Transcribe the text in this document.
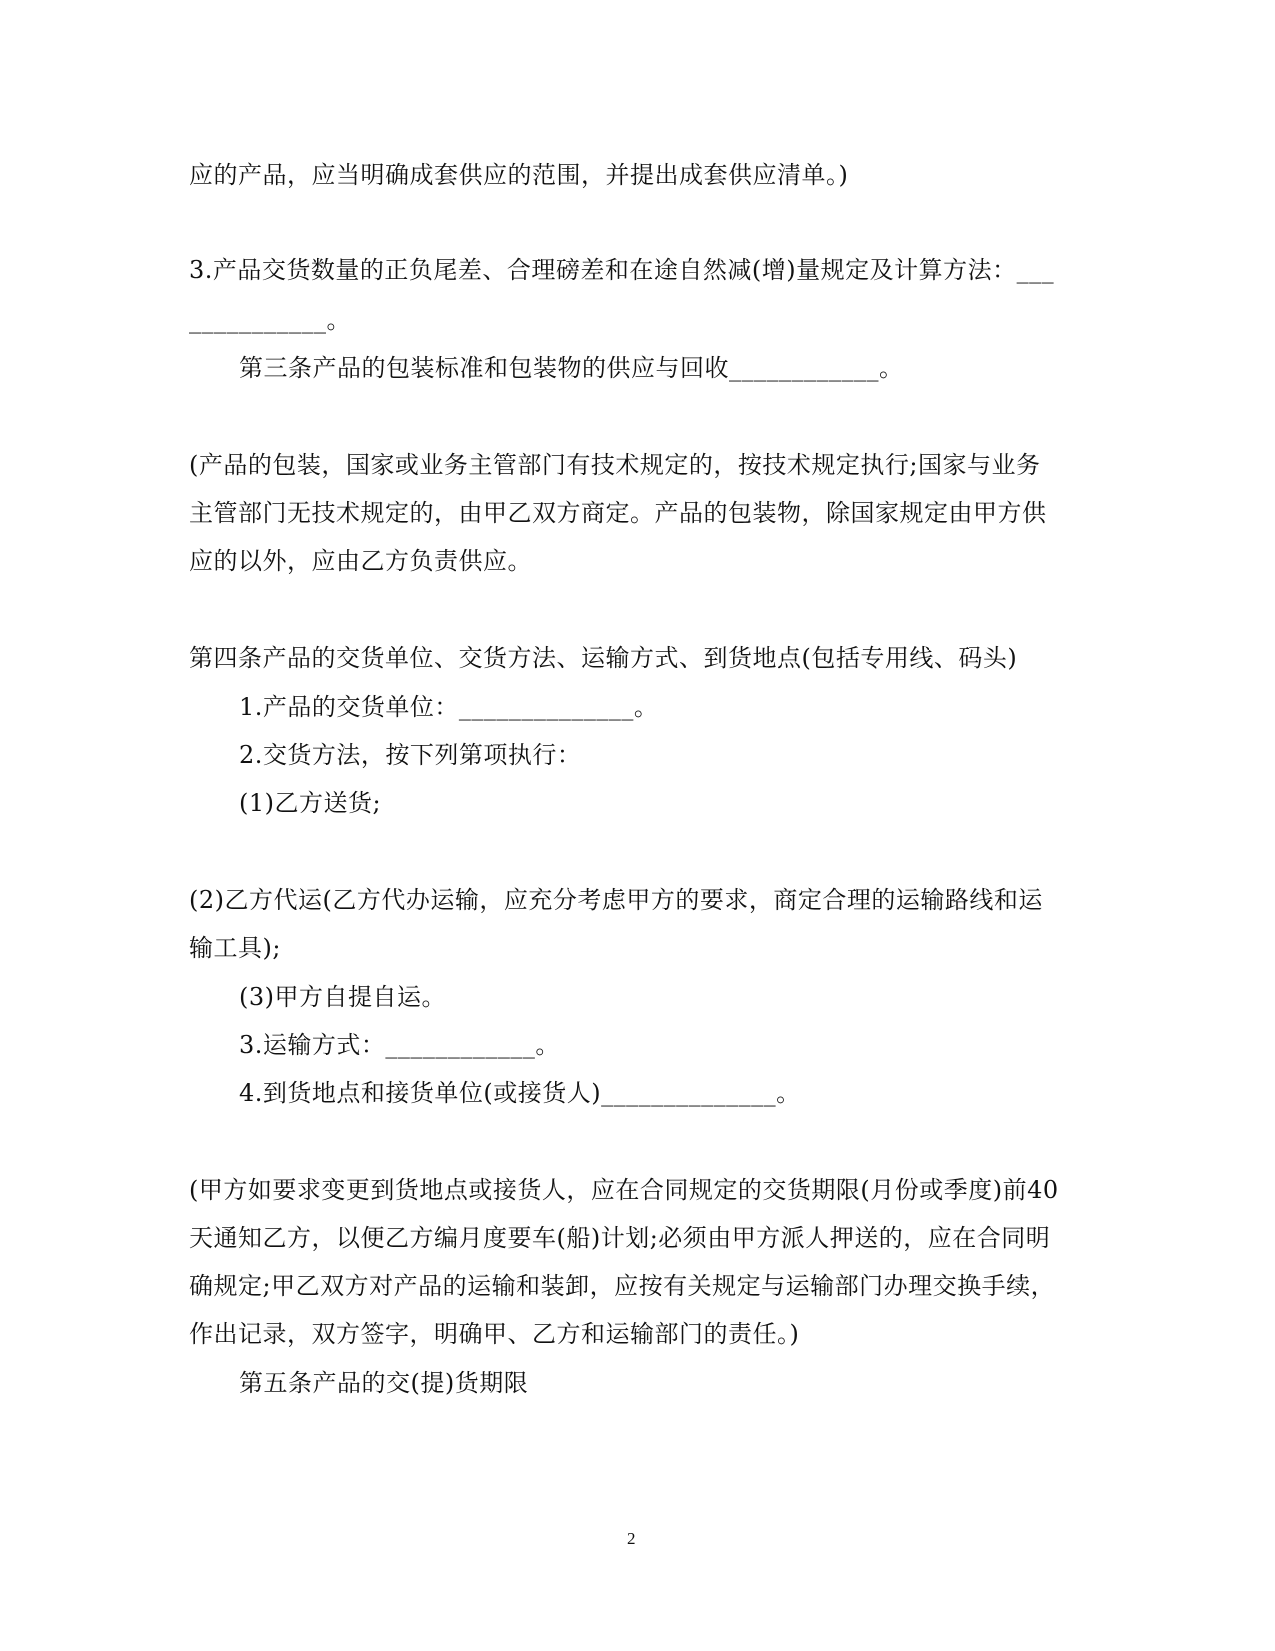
应的产品，应当明确成套供应的范围，并提出成套供应清单。)
3.产品交货数量的正负尾差、合理磅差和在途自然减(增)量规定及计算方法：___
___________。
第三条产品的包装标准和包装物的供应与回收____________。
(产品的包装，国家或业务主管部门有技术规定的，按技术规定执行;国家与业务
主管部门无技术规定的，由甲乙双方商定。产品的包装物，除国家规定由甲方供
应的以外，应由乙方负责供应。
第四条产品的交货单位、交货方法、运输方式、到货地点(包括专用线、码头)
1.产品的交货单位：______________。
2.交货方法，按下列第项执行：
(1)乙方送货;
(2)乙方代运(乙方代办运输，应充分考虑甲方的要求，商定合理的运输路线和运
输工具);
(3)甲方自提自运。
3.运输方式：____________。
4.到货地点和接货单位(或接货人)______________。
(甲方如要求变更到货地点或接货人，应在合同规定的交货期限(月份或季度)前40
天通知乙方，以便乙方编月度要车(船)计划;必须由甲方派人押送的，应在合同明
确规定;甲乙双方对产品的运输和装卸，应按有关规定与运输部门办理交换手续，
作出记录，双方签字，明确甲、乙方和运输部门的责任。)
第五条产品的交(提)货期限
2
